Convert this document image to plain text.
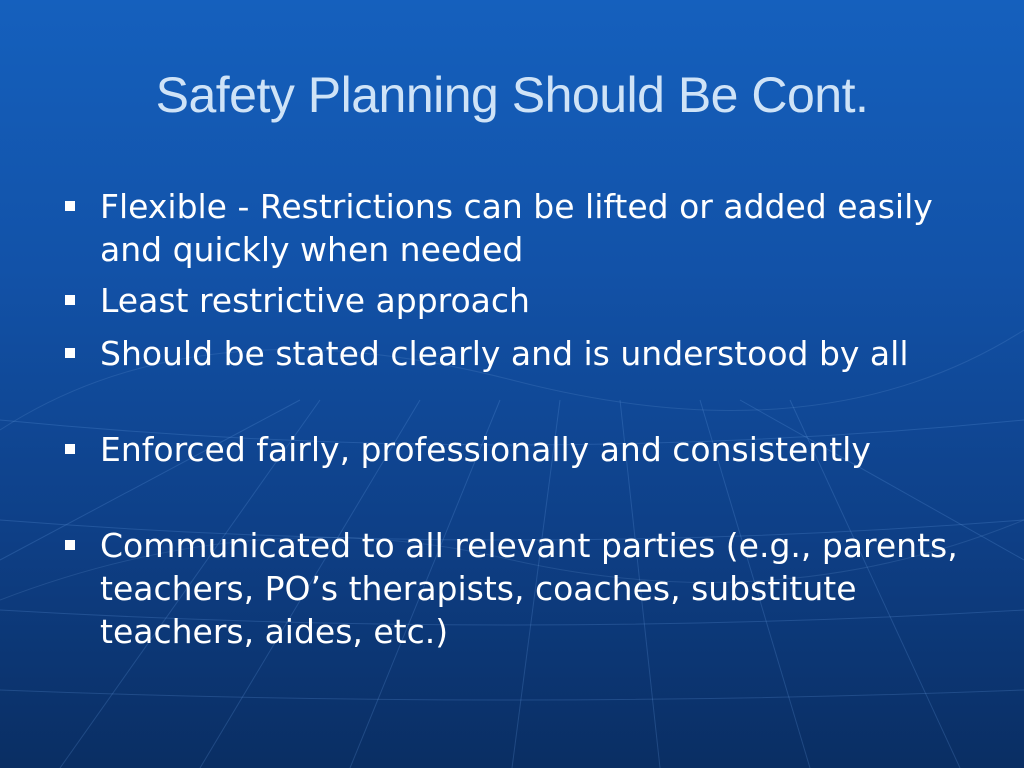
Safety Planning Should Be Cont.
Flexible - Restrictions can be lifted or added easily and quickly when needed
Least restrictive approach
Should be stated clearly and is understood by all
Enforced fairly, professionally and consistently
Communicated to all relevant parties (e.g., parents, teachers, PO’s therapists, coaches, substitute teachers, aides, etc.)
